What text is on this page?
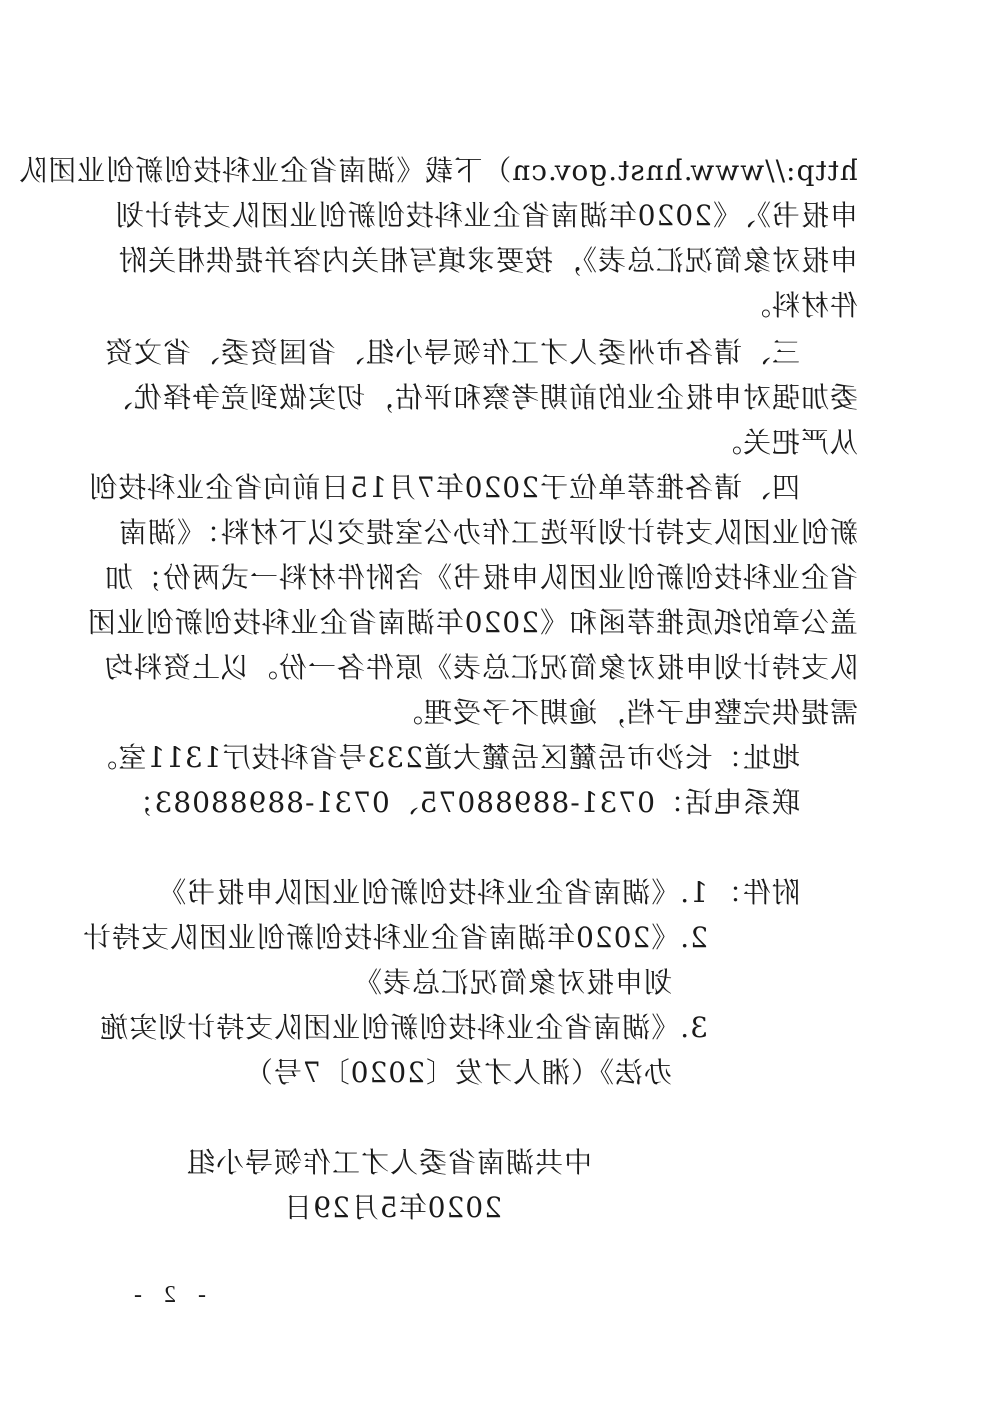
http://www.hnst.gov.cn）下载《湖南省企业科技创新创业团队
申报书》、《2020年湖南省企业科技创新创业团队支持计划
申报对象简况汇总表》，按要求填写相关内容并提供相关附
件材料。
三、请各市州委人才工作领导小组、省国资委、省文资
委加强对申报企业的前期考察和评估，切实做到竞争择优、
从严把关。
四、请各推荐单位于2020年7月15日前向省企业科技创
新创业团队支持计划评选工作办公室提交以下材料：《湖南
省企业科技创新创业团队申报书》含附件材料一式两份；加
盖公章的纸质推荐函和《2020年湖南省企业科技创新创业团
队支持计划申报对象简况汇总表》原件各一份。以上资料均
需提供完整电子档，逾期不予受理。
地址：长沙市岳麓区岳麓大道233号省科技厅1311室。
联系电话：0731-88988075、0731-88988083；
附件：
1.《湖南省企业科技创新创业团队申报书》
2.《2020年湖南省企业科技创新创业团队支持计
划申报对象简况汇总表》
3.《湖南省企业科技创新创业团队支持计划实施
办法》（湘人才发〔2020〕7号）
中共湖南省委人才工作领导小组
2020年5月29日
- 2 -
